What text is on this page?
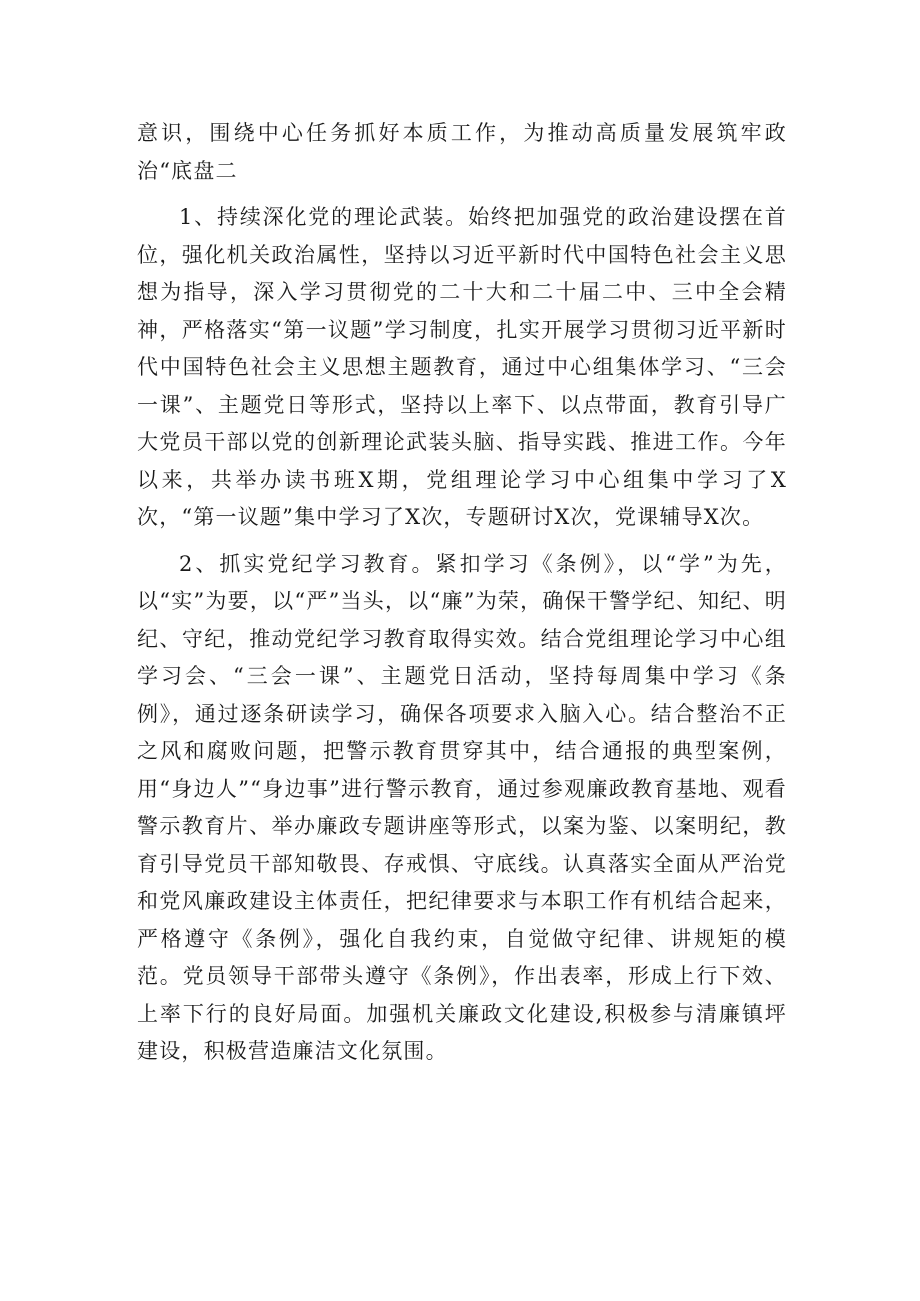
意识，围绕中心任务抓好本质工作，为推动高质量发展筑牢政治“底盘二

1、持续深化党的理论武装。始终把加强党的政治建设摆在首位，强化机关政治属性，坚持以习近平新时代中国特色社会主义思想为指导，深入学习贯彻党的二十大和二十届二中、三中全会精神，严格落实“第一议题”学习制度，扎实开展学习贯彻习近平新时代中国特色社会主义思想主题教育，通过中心组集体学习、“三会一课”、主题党日等形式，坚持以上率下、以点带面，教育引导广大党员干部以党的创新理论武装头脑、指导实践、推进工作。今年以来，共举办读书班X期，党组理论学习中心组集中学习了X次，“第一议题”集中学习了X次，专题研讨X次，党课辅导X次。

2、抓实党纪学习教育。紧扣学习《条例》，以“学”为先，以“实”为要，以“严”当头，以“廉”为荣，确保干警学纪、知纪、明纪、守纪，推动党纪学习教育取得实效。结合党组理论学习中心组学习会、“三会一课”、主题党日活动，坚持每周集中学习《条例》，通过逐条研读学习，确保各项要求入脑入心。结合整治不正之风和腐败问题，把警示教育贯穿其中，结合通报的典型案例，用“身边人”“身边事”进行警示教育，通过参观廉政教育基地、观看警示教育片、举办廉政专题讲座等形式，以案为鉴、以案明纪，教育引导党员干部知敬畏、存戒惧、守底线。认真落实全面从严治党和党风廉政建设主体责任，把纪律要求与本职工作有机结合起来，严格遵守《条例》，强化自我约束，自觉做守纪律、讲规矩的模范。党员领导干部带头遵守《条例》，作出表率，形成上行下效、上率下行的良好局面。加强机关廉政文化建设,积极参与清廉镇坪建设，积极营造廉洁文化氛围。
